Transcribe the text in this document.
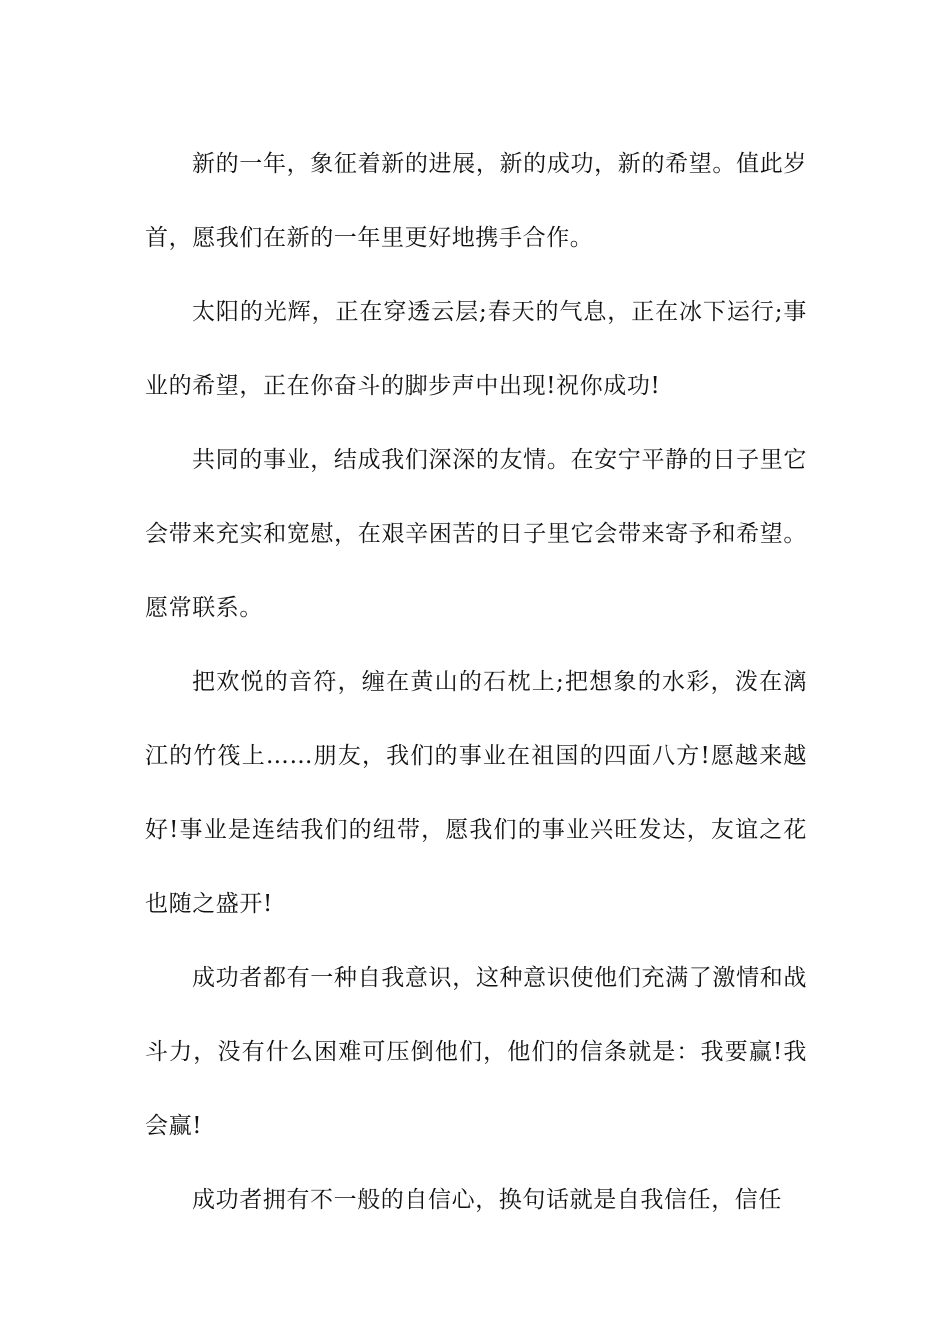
新的一年，象征着新的进展，新的成功，新的希望。值此岁首，愿我们在新的一年里更好地携手合作。

太阳的光辉，正在穿透云层;春天的气息，正在冰下运行;事业的希望，正在你奋斗的脚步声中出现!祝你成功!

共同的事业，结成我们深深的友情。在安宁平静的日子里它会带来充实和宽慰，在艰辛困苦的日子里它会带来寄予和希望。愿常联系。

把欢悦的音符，缠在黄山的石枕上;把想象的水彩，泼在漓江的竹筏上……朋友，我们的事业在祖国的四面八方!愿越来越好!事业是连结我们的纽带，愿我们的事业兴旺发达，友谊之花也随之盛开!

成功者都有一种自我意识，这种意识使他们充满了激情和战斗力，没有什么困难可压倒他们，他们的信条就是：我要赢!我会赢!

成功者拥有不一般的自信心，换句话就是自我信任，信任
